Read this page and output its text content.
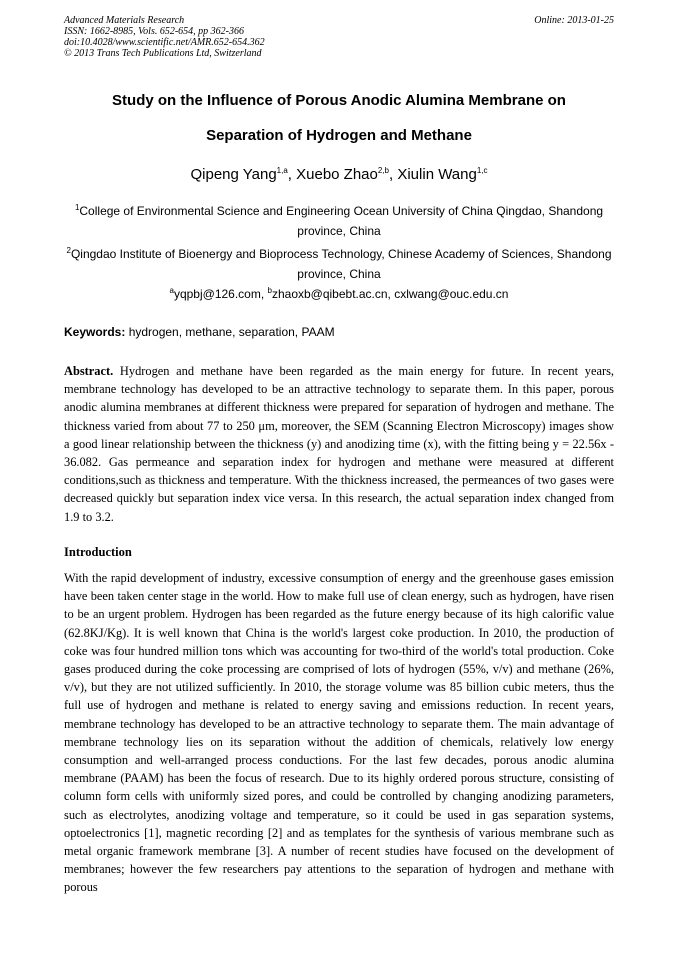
Advanced Materials Research
ISSN: 1662-8985, Vols. 652-654, pp 362-366
doi:10.4028/www.scientific.net/AMR.652-654.362
© 2013 Trans Tech Publications Ltd, Switzerland
Online: 2013-01-25
Study on the Influence of Porous Anodic Alumina Membrane on
Separation of Hydrogen and Methane
Qipeng Yang$^{1,a}$, Xuebo Zhao$^{2,b}$, Xiulin Wang$^{1,c}$
$^1$College of Environmental Science and Engineering Ocean University of China Qingdao, Shandong province, China
$^2$Qingdao Institute of Bioenergy and Bioprocess Technology, Chinese Academy of Sciences, Shandong province, China
$^a$yqpbj@126.com, $^b$zhaoxb@qibebt.ac.cn, cxlwang@ouc.edu.cn
Keywords: hydrogen, methane, separation, PAAM
Abstract. Hydrogen and methane have been regarded as the main energy for future. In recent years, membrane technology has developed to be an attractive technology to separate them. In this paper, porous anodic alumina membranes at different thickness were prepared for separation of hydrogen and methane. The thickness varied from about 77 to 250 μm, moreover, the SEM (Scanning Electron Microscopy) images show a good linear relationship between the thickness (y) and anodizing time (x), with the fitting being y = 22.56x - 36.082. Gas permeance and separation index for hydrogen and methane were measured at different conditions,such as thickness and temperature. With the thickness increased, the permeances of two gases were decreased quickly but separation index vice versa. In this research, the actual separation index changed from 1.9 to 3.2.
Introduction
With the rapid development of industry, excessive consumption of energy and the greenhouse gases emission have been taken center stage in the world. How to make full use of clean energy, such as hydrogen, have risen to be an urgent problem. Hydrogen has been regarded as the future energy because of its high calorific value (62.8KJ/Kg). It is well known that China is the world's largest coke production. In 2010, the production of coke was four hundred million tons which was accounting for two-third of the world's total production. Coke gases produced during the coke processing are comprised of lots of hydrogen (55%, v/v) and methane (26%, v/v), but they are not utilized sufficiently. In 2010, the storage volume was 85 billion cubic meters, thus the full use of hydrogen and methane is related to energy saving and emissions reduction. In recent years, membrane technology has developed to be an attractive technology to separate them. The main advantage of membrane technology lies on its separation without the addition of chemicals, relatively low energy consumption and well-arranged process conductions. For the last few decades, porous anodic alumina membrane (PAAM) has been the focus of research. Due to its highly ordered porous structure, consisting of column form cells with uniformly sized pores, and could be controlled by changing anodizing parameters, such as electrolytes, anodizing voltage and temperature, so it could be used in gas separation systems, optoelectronics [1], magnetic recording [2] and as templates for the synthesis of various membrane such as metal organic framework membrane [3]. A number of recent studies have focused on the development of membranes; however the few researchers pay attentions to the separation of hydrogen and methane with porous
